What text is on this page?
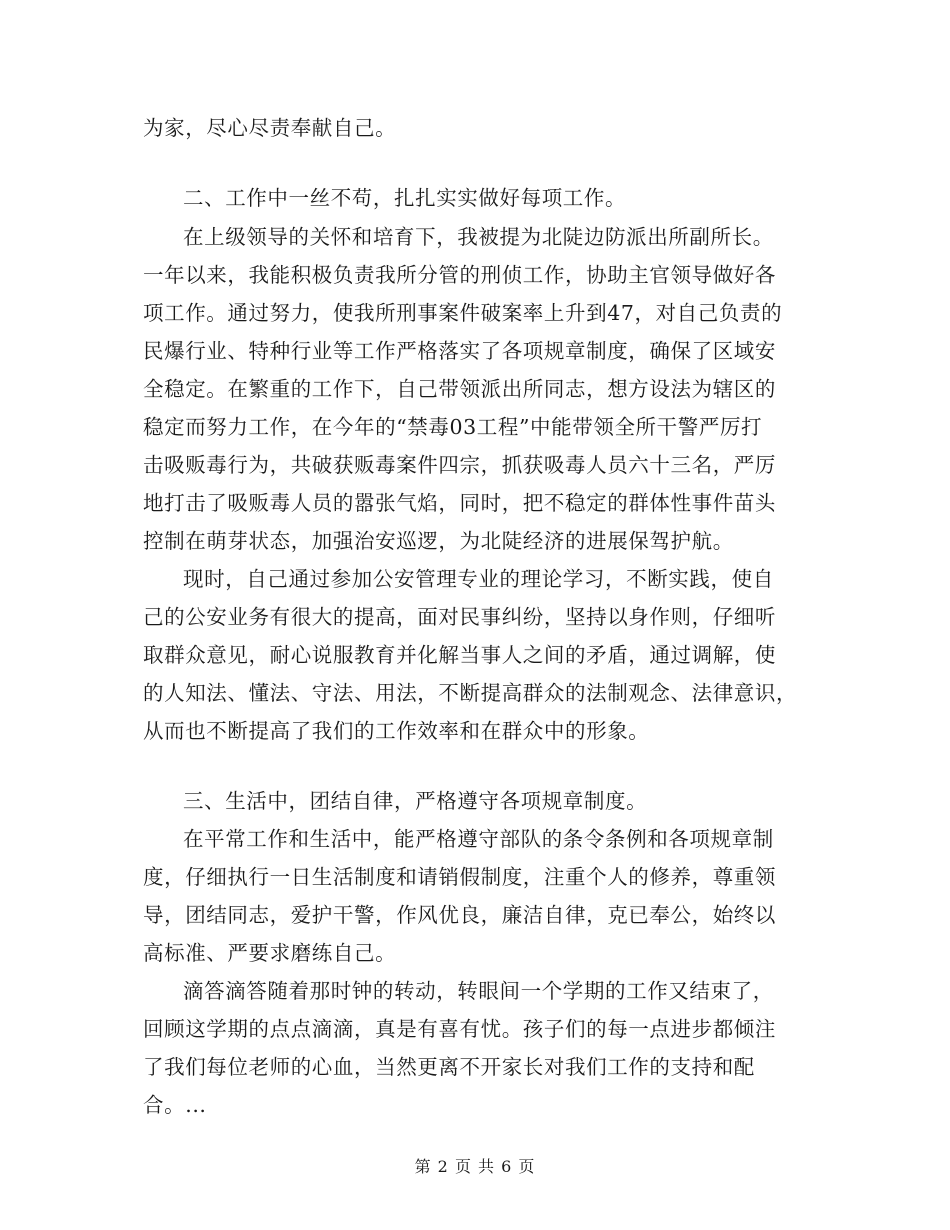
为家，尽心尽责奉献自己。
二、工作中一丝不苟，扎扎实实做好每项工作。
在上级领导的关怀和培育下，我被提为北陡边防派出所副所长。
一年以来，我能积极负责我所分管的刑侦工作，协助主官领导做好各
项工作。通过努力，使我所刑事案件破案率上升到47，对自己负责的
民爆行业、特种行业等工作严格落实了各项规章制度，确保了区域安
全稳定。在繁重的工作下，自己带领派出所同志，想方设法为辖区的
稳定而努力工作，在今年的“禁毒03工程”中能带领全所干警严厉打
击吸贩毒行为，共破获贩毒案件四宗，抓获吸毒人员六十三名，严厉
地打击了吸贩毒人员的嚣张气焰，同时，把不稳定的群体性事件苗头
控制在萌芽状态，加强治安巡逻，为北陡经济的进展保驾护航。
现时，自己通过参加公安管理专业的理论学习，不断实践，使自
己的公安业务有很大的提高，面对民事纠纷，坚持以身作则，仔细听
取群众意见，耐心说服教育并化解当事人之间的矛盾，通过调解，使
的人知法、懂法、守法、用法，不断提高群众的法制观念、法律意识，
从而也不断提高了我们的工作效率和在群众中的形象。
三、生活中，团结自律，严格遵守各项规章制度。
在平常工作和生活中，能严格遵守部队的条令条例和各项规章制
度，仔细执行一日生活制度和请销假制度，注重个人的修养，尊重领
导，团结同志，爱护干警，作风优良，廉洁自律，克已奉公，始终以
高标准、严要求磨练自己。
滴答滴答随着那时钟的转动，转眼间一个学期的工作又结束了，
回顾这学期的点点滴滴，真是有喜有忧。孩子们的每一点进步都倾注
了我们每位老师的心血，当然更离不开家长对我们工作的支持和配
合。...
第 2 页 共 6 页
